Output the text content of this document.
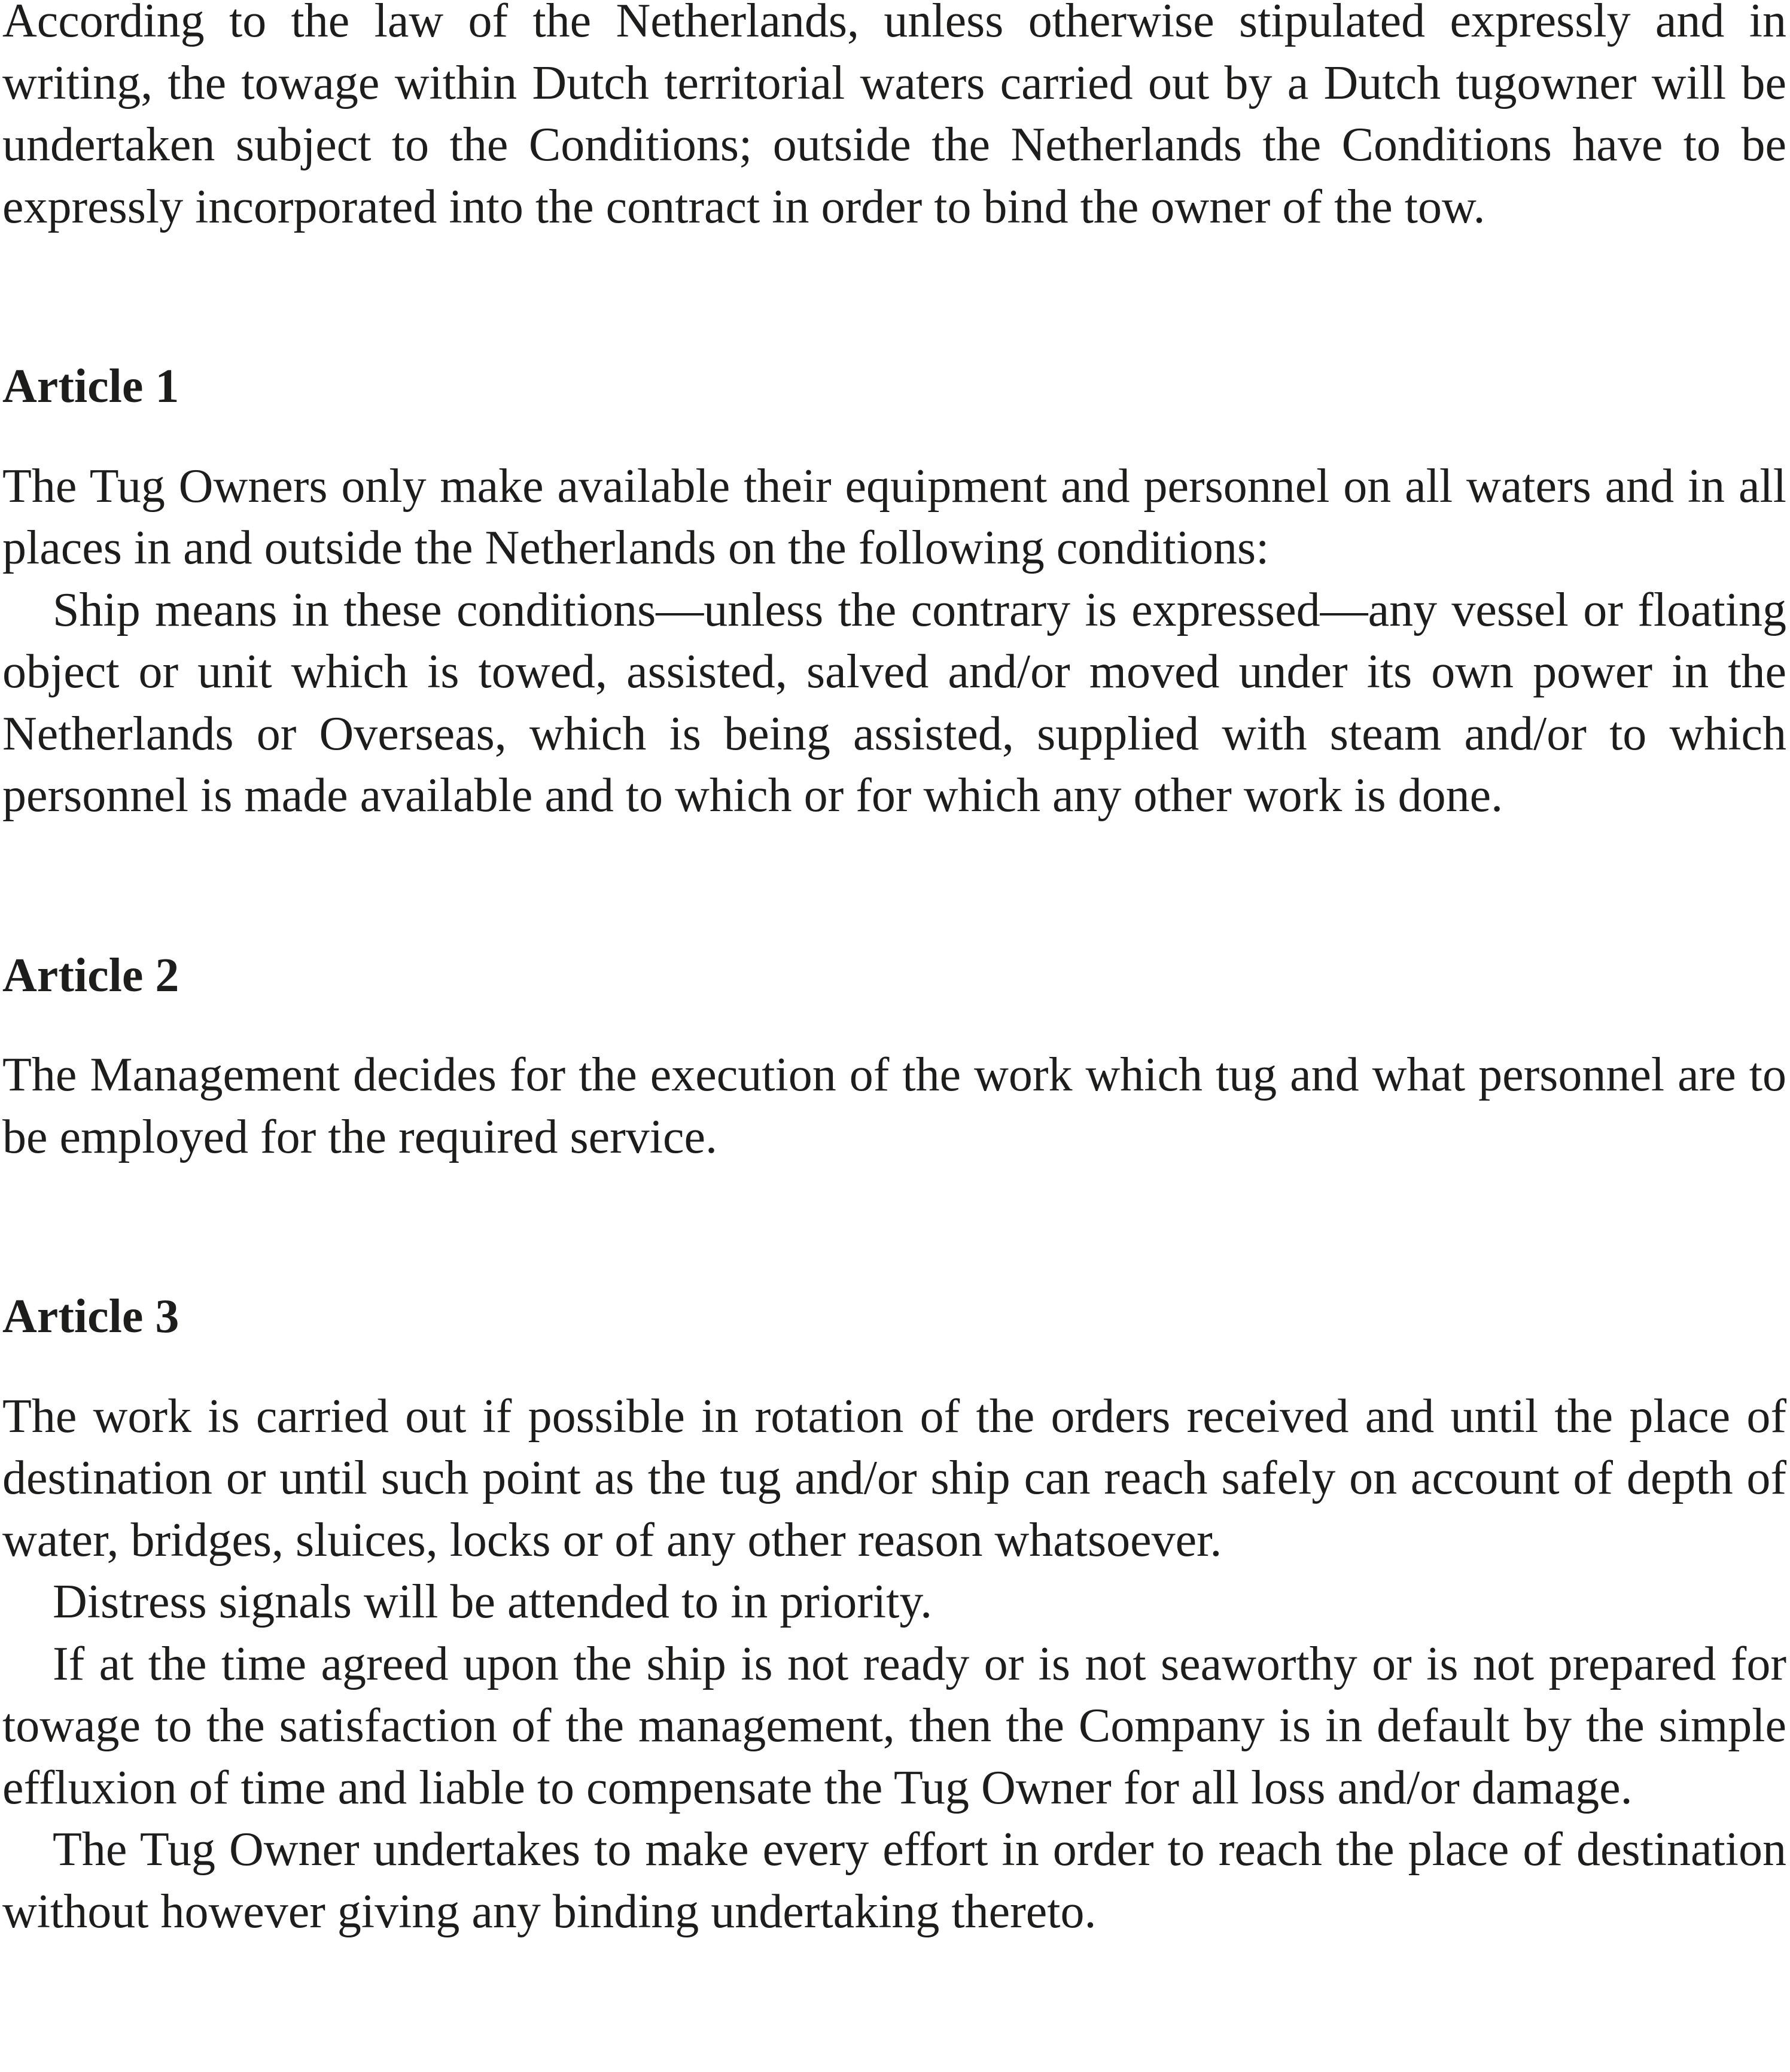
According to the law of the Netherlands, unless otherwise stipulated expressly and in writing, the towage within Dutch territorial waters carried out by a Dutch tugowner will be undertaken subject to the Conditions; outside the Netherlands the Conditions have to be expressly incorporated into the contract in order to bind the owner of the tow.

Article 1

The Tug Owners only make available their equipment and personnel on all waters and in all places in and outside the Netherlands on the following conditions:

Ship means in these conditions—unless the contrary is expressed—any vessel or floating object or unit which is towed, assisted, salved and/or moved under its own power in the Netherlands or Overseas, which is being assisted, supplied with steam and/or to which personnel is made available and to which or for which any other work is done.

Article 2

The Management decides for the execution of the work which tug and what personnel are to be employed for the required service.

Article 3

The work is carried out if possible in rotation of the orders received and until the place of destination or until such point as the tug and/or ship can reach safely on account of depth of water, bridges, sluices, locks or of any other reason whatsoever.

Distress signals will be attended to in priority.

If at the time agreed upon the ship is not ready or is not seaworthy or is not prepared for towage to the satisfaction of the management, then the Company is in default by the simple effluxion of time and liable to compensate the Tug Owner for all loss and/or damage.

The Tug Owner undertakes to make every effort in order to reach the place of destination without however giving any binding undertaking thereto.
